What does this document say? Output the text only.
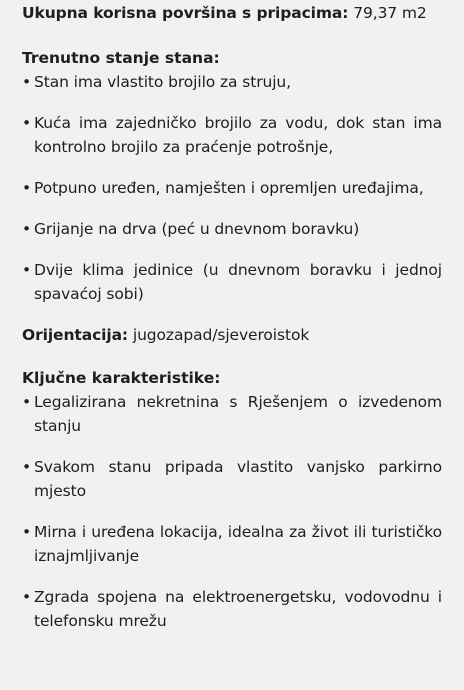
Ukupna korisna površina s pripacima: 79,37 m2
Trenutno stanje stana:
• Stan ima vlastito brojilo za struju,
• Kuća ima zajedničko brojilo za vodu, dok stan ima kontrolno brojilo za praćenje potrošnje,
• Potpuno uređen, namješten i opremljen uređajima,
• Grijanje na drva (peć u dnevnom boravku)
• Dvije klima jedinice (u dnevnom boravku i jednoj spavaćoj sobi)
Orijentacija: jugozapad/sjeveroistok
Ključne karakteristike:
• Legalizirana nekretnina s Rješenjem o izvedenom stanju
• Svakom stanu pripada vlastito vanjsko parkirno mjesto
• Mirna i uređena lokacija, idealna za život ili turističko iznajmljivanje
• Zgrada spojena na elektroenergetsku, vodovodnu i telefonsku mrežu
